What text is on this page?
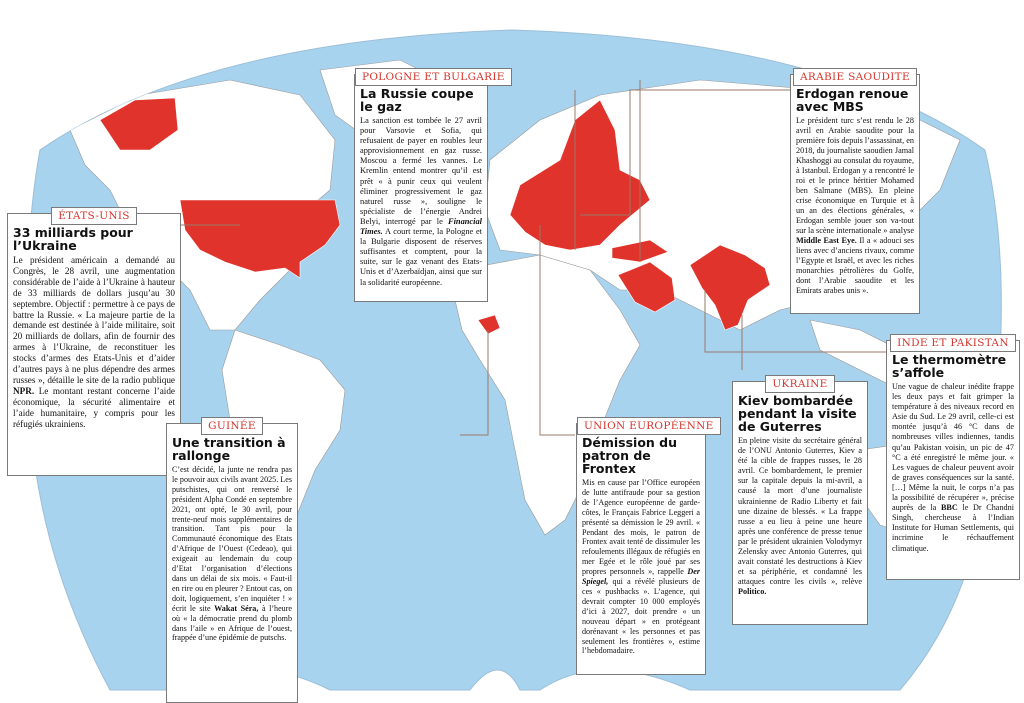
ÉTATS-UNIS
33 milliards pour l’Ukraine

Le président américain a demandé au Congrès, le 28 avril, une augmentation considérable de l’aide à l’Ukraine à hauteur de 33 milliards de dollars jusqu’au 30 septembre. Objectif : permettre à ce pays de battre la Russie. « La majeure partie de la demande est destinée à l’aide militaire, soit 20 milliards de dollars, afin de fournir des armes à l’Ukraine, de reconstituer les stocks d’armes des Etats-Unis et d’aider d’autres pays à ne plus dépendre des armes russes », détaille le site de la radio publique NPR. Le montant restant concerne l’aide économique, la sécurité alimentaire et l’aide humanitaire, y compris pour les réfugiés ukrainiens.

POLOGNE ET BULGARIE
La Russie coupe le gaz

La sanction est tombée le 27 avril pour Varsovie et Sofia, qui refusaient de payer en roubles leur approvisionnement en gaz russe. Moscou a fermé les vannes. Le Kremlin entend montrer qu’il est prêt « à punir ceux qui veulent éliminer progressivement le gaz naturel russe », souligne le spécialiste de l’énergie Andrei Belyi, interrogé par le Financial Times. A court terme, la Pologne et la Bulgarie disposent de réserves suffisantes et comptent, pour la suite, sur le gaz venant des Etats-Unis et d’Azerbaïdjan, ainsi que sur la solidarité européenne.

ARABIE SAOUDITE
Erdogan renoue avec MBS

Le président turc s’est rendu le 28 avril en Arabie saoudite pour la première fois depuis l’assassinat, en 2018, du journaliste saoudien Jamal Khashoggi au consulat du royaume, à Istanbul. Erdogan y a rencontré le roi et le prince héritier Mohamed ben Salmane (MBS). En pleine crise économique en Turquie et à un an des élections générales, « Erdogan semble jouer son va-tout sur la scène internationale » analyse Middle East Eye. Il a « adouci ses liens avec d’anciens rivaux, comme l’Egypte et Israël, et avec les riches monarchies pétrolières du Golfe, dont l’Arabie saoudite et les Emirats arabes unis ».

INDE ET PAKISTAN
Le thermomètre s’affole

Une vague de chaleur inédite frappe les deux pays et fait grimper la température à des niveaux record en Asie du Sud. Le 29 avril, celle-ci est montée jusqu’à 46 °C dans de nombreuses villes indiennes, tandis qu’au Pakistan voisin, un pic de 47 °C a été enregistré le même jour. « Les vagues de chaleur peuvent avoir de graves conséquences sur la santé. […] Même la nuit, le corps n’a pas la possibilité de récupérer », précise auprès de la BBC le Dr Chandni Singh, chercheuse à l’Indian Institute for Human Settlements, qui incrimine le réchauffement climatique.

UKRAINE
Kiev bombardée pendant la visite de Guterres

En pleine visite du secrétaire général de l’ONU Antonio Guterres, Kiev a été la cible de frappes russes, le 28 avril. Ce bombardement, le premier sur la capitale depuis la mi-avril, a causé la mort d’une journaliste ukrainienne de Radio Liberty et fait une dizaine de blessés. « La frappe russe a eu lieu à peine une heure après une conférence de presse tenue par le président ukrainien Volodymyr Zelensky avec Antonio Guterres, qui avait constaté les destructions à Kiev et sa périphérie, et condamné les attaques contre les civils », relève Politico.

UNION EUROPÉENNE
Démission du patron de Frontex

Mis en cause par l’Office européen de lutte antifraude pour sa gestion de l’Agence européenne de garde-côtes, le Français Fabrice Leggeri a présenté sa démission le 29 avril. « Pendant des mois, le patron de Frontex avait tenté de dissimuler les refoulements illégaux de réfugiés en mer Egée et le rôle joué par ses propres personnels », rappelle Der Spiegel, qui a révélé plusieurs de ces « pushbacks ». L’agence, qui devrait compter 10 000 employés d’ici à 2027, doit prendre « un nouveau départ » en protégeant dorénavant « les personnes et pas seulement les frontières », estime l’hebdomadaire.

GUINÉE
Une transition à rallonge

C’est décidé, la junte ne rendra pas le pouvoir aux civils avant 2025. Les putschistes, qui ont renversé le président Alpha Condé en septembre 2021, ont opté, le 30 avril, pour trente-neuf mois supplémentaires de transition. Tant pis pour la Communauté économique des Etats d’Afrique de l’Ouest (Cedeao), qui exigeait au lendemain du coup d’Etat l’organisation d’élections dans un délai de six mois. « Faut-il en rire ou en pleurer ? Entout cas, on doit, logiquement, s’en inquiéter ! » écrit le site Wakat Séra, à l’heure où « la démocratie prend du plomb dans l’aile » en Afrique de l’ouest, frappée d’une épidémie de putschs.
